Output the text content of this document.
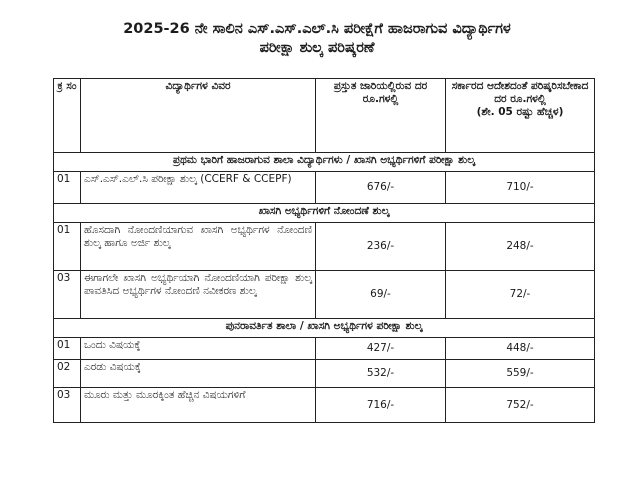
2025-26 ನೇ ಸಾಲಿನ ಎಸ್.ಎಸ್.ಎಲ್.ಸಿ ಪರೀಕ್ಷೆಗೆ ಹಾಜರಾಗುವ ವಿದ್ಯಾರ್ಥಿಗಳ
ಪರೀಕ್ಷಾ ಶುಲ್ಕ ಪರಿಷ್ಕರಣೆ
ಕ್ರ ಸಂ	ವಿದ್ಯಾರ್ಥಿಗಳ ವಿವರ	ಪ್ರಸ್ತುತ ಜಾರಿಯಲ್ಲಿರುವ ದರ ರೂ.ಗಳಲ್ಲಿ	ಸರ್ಕಾರದ ಆದೇಶದಂತೆ ಪರಿಷ್ಕರಿಸಬೇಕಾದ ದರ ರೂ.ಗಳಲ್ಲಿ
(ಶೇ. 05 ರಷ್ಟು ಹೆಚ್ಚಳ)

ಪ್ರಥಮ ಭಾರಿಗೆ ಹಾಜರಾಗುವ ಶಾಲಾ ವಿದ್ಯಾರ್ಥಿಗಳು / ಖಾಸಗಿ ಅಭ್ಯರ್ಥಿಗಳಿಗೆ ಪರೀಕ್ಷಾ ಶುಲ್ಕ			
01	ಎಸ್.ಎಸ್.ಎಲ್.ಸಿ ಪರೀಕ್ಷಾ ಶುಲ್ಕ (CCERF & CCEPF)	676/-	710/-
ಖಾಸಗಿ ಅಭ್ಯರ್ಥಿಗಳಿಗೆ ನೋಂದಣೆ ಶುಲ್ಕ			
01	ಹೊಸದಾಗಿ ನೋಂದಣಿಯಾಗುವ ಖಾಸಗಿ ಅಭ್ಯರ್ಥಿಗಳ ನೋಂದಣಿ ಶುಲ್ಕ ಹಾಗೂ ಅರ್ಜಿ ಶುಲ್ಕ	236/-	248/-
03	ಈಗಾಗಲೇ ಖಾಸಗಿ ಅಭ್ಯರ್ಥಿಯಾಗಿ ನೋಂದಣಿಯಾಗಿ ಪರೀಕ್ಷಾ ಶುಲ್ಕ ಪಾವತಿಸಿದ ಅಭ್ಯರ್ಥಿಗಳ ನೋಂದಣಿ ನವೀಕರಣ ಶುಲ್ಕ	69/-	72/-
ಪುನರಾವರ್ತಿತ ಶಾಲಾ / ಖಾಸಗಿ ಅಭ್ಯರ್ಥಿಗಳ ಪರೀಕ್ಷಾ ಶುಲ್ಕ			
01	ಒಂದು ವಿಷಯಕ್ಕೆ	427/-	448/-
02	ಎರಡು ವಿಷಯಕ್ಕೆ	532/-	559/-
03	ಮೂರು ಮತ್ತು ಮೂರಕ್ಕಿಂತ ಹೆಚ್ಚಿನ ವಿಷಯಗಳಿಗೆ	716/-	752/-
